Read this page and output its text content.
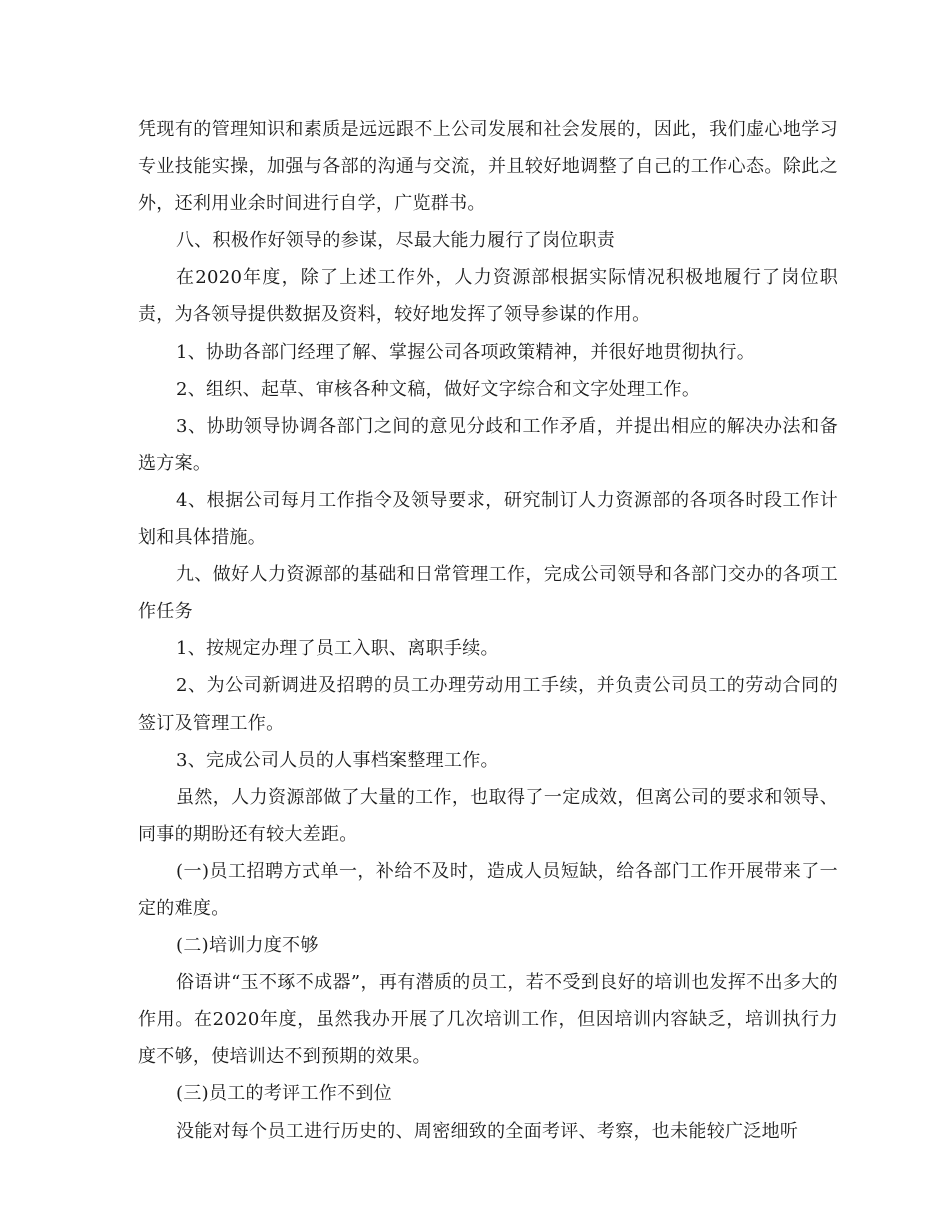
凭现有的管理知识和素质是远远跟不上公司发展和社会发展的，因此，我们虚心地学习专业技能实操，加强与各部的沟通与交流，并且较好地调整了自己的工作心态。除此之外，还利用业余时间进行自学，广览群书。

八、积极作好领导的参谋，尽最大能力履行了岗位职责

在2020年度，除了上述工作外，人力资源部根据实际情况积极地履行了岗位职责，为各领导提供数据及资料，较好地发挥了领导参谋的作用。

1、协助各部门经理了解、掌握公司各项政策精神，并很好地贯彻执行。

2、组织、起草、审核各种文稿，做好文字综合和文字处理工作。

3、协助领导协调各部门之间的意见分歧和工作矛盾，并提出相应的解决办法和备选方案。

4、根据公司每月工作指令及领导要求，研究制订人力资源部的各项各时段工作计划和具体措施。

九、做好人力资源部的基础和日常管理工作，完成公司领导和各部门交办的各项工作任务

1、按规定办理了员工入职、离职手续。

2、为公司新调进及招聘的员工办理劳动用工手续，并负责公司员工的劳动合同的签订及管理工作。

3、完成公司人员的人事档案整理工作。

虽然，人力资源部做了大量的工作，也取得了一定成效，但离公司的要求和领导、同事的期盼还有较大差距。

(一)员工招聘方式单一，补给不及时，造成人员短缺，给各部门工作开展带来了一定的难度。

(二)培训力度不够

俗语讲“玉不琢不成器”，再有潜质的员工，若不受到良好的培训也发挥不出多大的作用。在2020年度，虽然我办开展了几次培训工作，但因培训内容缺乏，培训执行力度不够，使培训达不到预期的效果。

(三)员工的考评工作不到位

没能对每个员工进行历史的、周密细致的全面考评、考察，也未能较广泛地听
